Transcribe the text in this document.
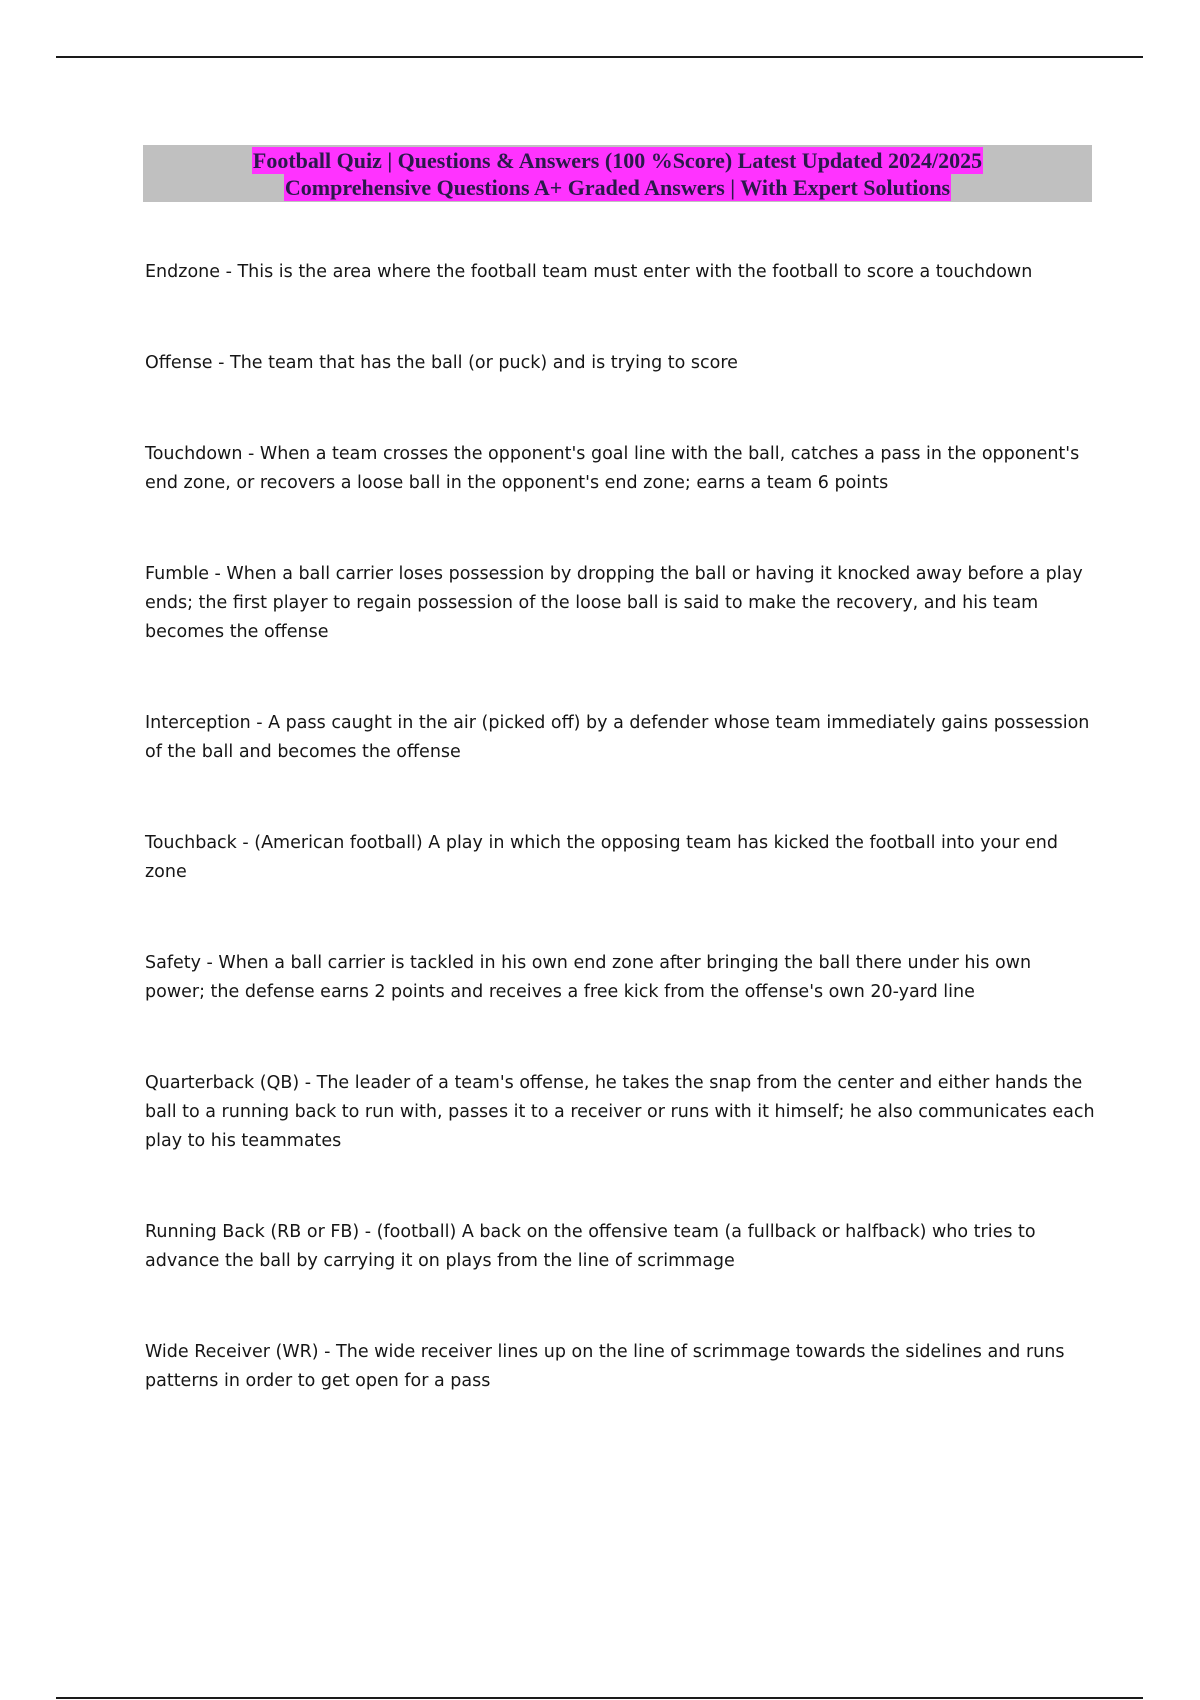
Football Quiz | Questions & Answers (100 %Score) Latest Updated 2024/2025
Comprehensive Questions A+ Graded Answers | With Expert Solutions

Endzone - This is the area where the football team must enter with the football to score a touchdown

Offense - The team that has the ball (or puck) and is trying to score

Touchdown - When a team crosses the opponent's goal line with the ball, catches a pass in the opponent's end zone, or recovers a loose ball in the opponent's end zone; earns a team 6 points

Fumble - When a ball carrier loses possession by dropping the ball or having it knocked away before a play ends; the first player to regain possession of the loose ball is said to make the recovery, and his team becomes the offense

Interception - A pass caught in the air (picked off) by a defender whose team immediately gains possession of the ball and becomes the offense

Touchback - (American football) A play in which the opposing team has kicked the football into your end zone

Safety - When a ball carrier is tackled in his own end zone after bringing the ball there under his own power; the defense earns 2 points and receives a free kick from the offense's own 20-yard line

Quarterback (QB) - The leader of a team's offense, he takes the snap from the center and either hands the ball to a running back to run with, passes it to a receiver or runs with it himself; he also communicates each play to his teammates

Running Back (RB or FB) - (football) A back on the offensive team (a fullback or halfback) who tries to advance the ball by carrying it on plays from the line of scrimmage

Wide Receiver (WR) - The wide receiver lines up on the line of scrimmage towards the sidelines and runs patterns in order to get open for a pass
